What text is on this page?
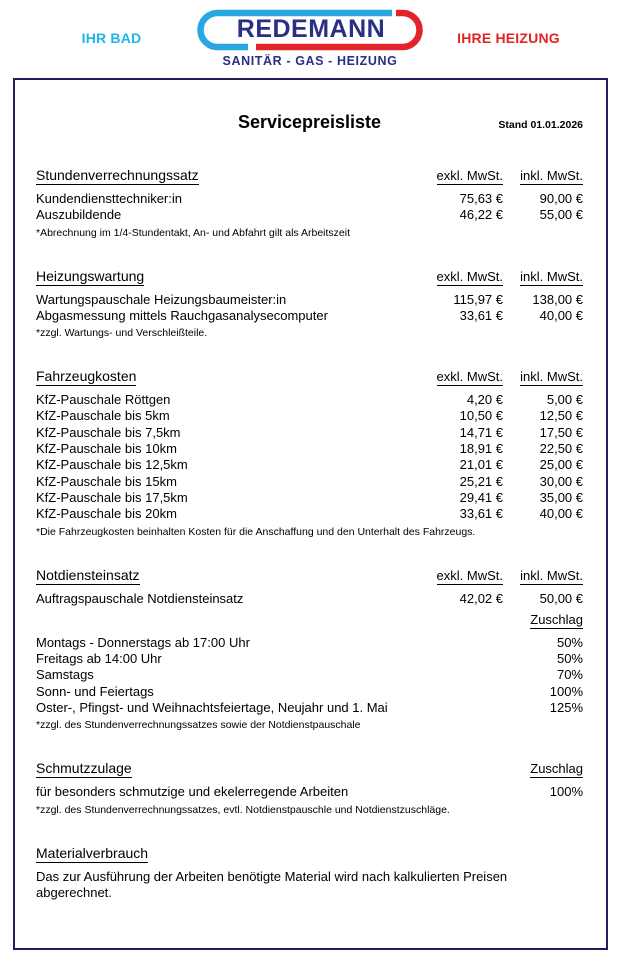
IHR BAD	REDEMANN
SANITÄR - GAS - HEIZUNG
IHRE HEIZUNG
Servicepreisliste	Stand 01.01.2026
Stundenverrechnungssatz	exkl. MwSt.	inkl. MwSt.
Kundendiensttechniker:in	75,63 €	90,00 €
Auszubildende	46,22 €	55,00 €
*Abrechnung im 1/4-Stundentakt, An- und Abfahrt gilt als Arbeitszeit
Heizungswartung	exkl. MwSt.	inkl. MwSt.
Wartungspauschale Heizungsbaumeister:in	115,97 €	138,00 €
Abgasmessung mittels Rauchgasanalysecomputer	33,61 €	40,00 €
*zzgl. Wartungs- und Verschleißteile.
Fahrzeugkosten	exkl. MwSt.	inkl. MwSt.
KfZ-Pauschale Röttgen	4,20 €	5,00 €
KfZ-Pauschale bis 5km	10,50 €	12,50 €
KfZ-Pauschale bis 7,5km	14,71 €	17,50 €
KfZ-Pauschale bis 10km	18,91 €	22,50 €
KfZ-Pauschale bis 12,5km	21,01 €	25,00 €
KfZ-Pauschale bis 15km	25,21 €	30,00 €
KfZ-Pauschale bis 17,5km	29,41 €	35,00 €
KfZ-Pauschale bis 20km	33,61 €	40,00 €
*Die Fahrzeugkosten beinhalten Kosten für die Anschaffung und den Unterhalt des Fahrzeugs.
Notdiensteinsatz	exkl. MwSt.	inkl. MwSt.
Auftragspauschale Notdiensteinsatz	42,02 €	50,00 €
Zuschlag
Montags - Donnerstags ab 17:00 Uhr	50%
Freitags ab 14:00 Uhr	50%
Samstags	70%
Sonn- und Feiertags	100%
Oster-, Pfingst- und Weihnachtsfeiertage, Neujahr und 1. Mai	125%
*zzgl. des Stundenverrechnungssatzes sowie der Notdienstpauschale
Schmutzzulage	Zuschlag
für besonders schmutzige und ekelerregende Arbeiten	100%
*zzgl. des Stundenverrechnungssatzes, evtl. Notdienstpauschle und Notdienstzuschläge.
Materialverbrauch

Das zur Ausführung der Arbeiten benötigte Material wird nach kalkulierten Preisen abgerechnet.
